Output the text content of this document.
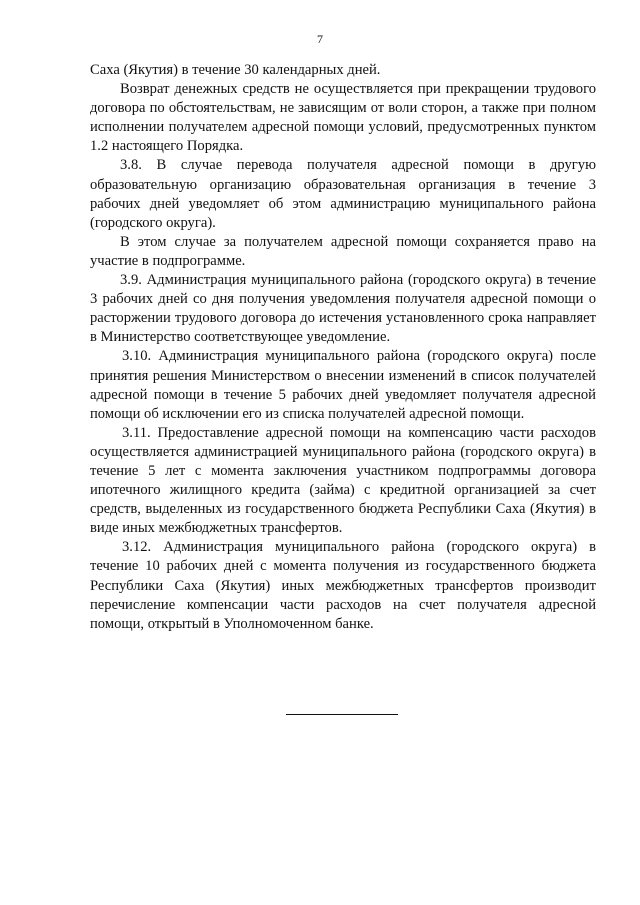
7

Саха (Якутия) в течение 30 календарных дней.

Возврат денежных средств не осуществляется при прекращении трудового договора по обстоятельствам, не зависящим от воли сторон, а также при полном исполнении получателем адресной помощи условий, предусмотренных пунктом 1.2 настоящего Порядка.

3.8. В случае перевода получателя адресной помощи в другую образовательную организацию образовательная организация в течение 3 рабочих дней уведомляет об этом администрацию муниципального района (городского округа).

В этом случае за получателем адресной помощи сохраняется право на участие в подпрограмме.

3.9. Администрация муниципального района (городского округа) в течение 3 рабочих дней со дня получения уведомления получателя адресной помощи о расторжении трудового договора до истечения установленного срока направляет в Министерство соответствующее уведомление.

3.10. Администрация муниципального района (городского округа) после принятия решения Министерством о внесении изменений в список получателей адресной помощи в течение 5 рабочих дней уведомляет получателя адресной помощи об исключении его из списка получателей адресной помощи.

3.11. Предоставление адресной помощи на компенсацию части расходов осуществляется администрацией муниципального района (городского округа) в течение 5 лет с момента заключения участником подпрограммы договора ипотечного жилищного кредита (займа) с кредитной организацией за счет средств, выделенных из государственного бюджета Республики Саха (Якутия) в виде иных межбюджетных трансфертов.

3.12. Администрация муниципального района (городского округа) в течение 10 рабочих дней с момента получения из государственного бюджета Республики Саха (Якутия) иных межбюджетных трансфертов производит перечисление компенсации части расходов на счет получателя адресной помощи, открытый в Уполномоченном банке.
